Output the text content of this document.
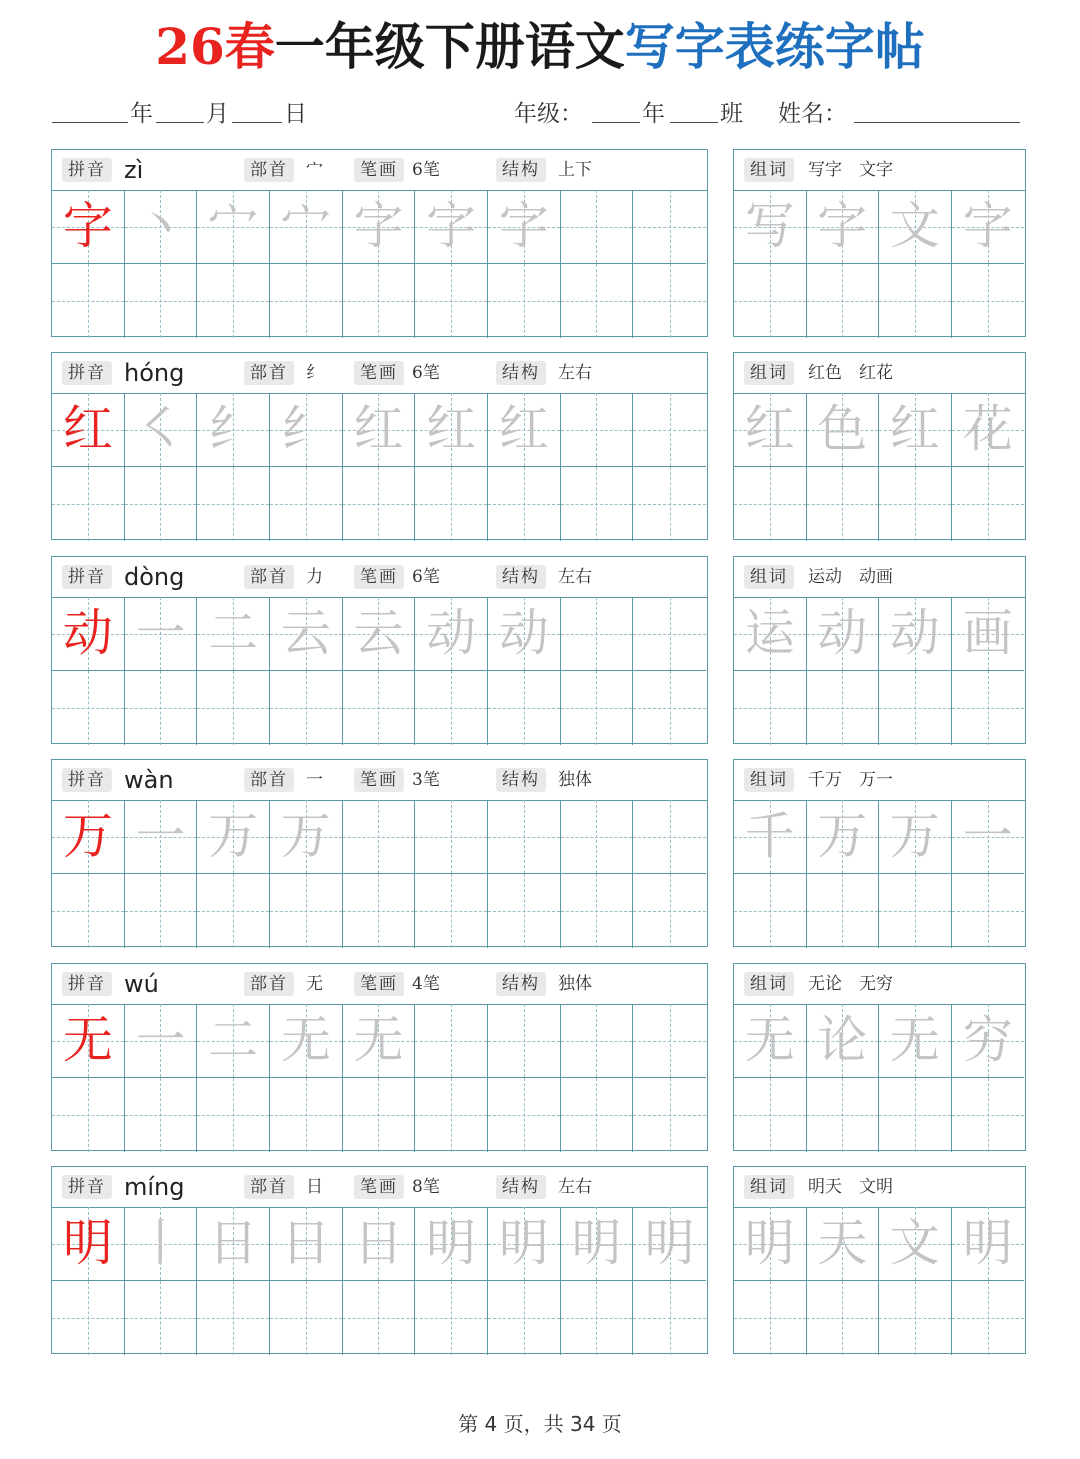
26春一年级下册语文写字表练字帖
年 月 日	年级：	年 班 姓名：
拼音 zì	部首	宀	笔画 6笔	结构	上下
字 丶 宀 宀 字 字 字
组词	写字　文字
写 字 文 字
拼音 hóng	部首	纟	笔画 6笔	结构	左右
红 ㇛ 纟 纟 红 红 红
组词	红色　红花
红 色 红 花
拼音 dòng	部首	力	笔画 6笔	结构	左右
动 一 二 云 云 动 动
组词	运动　动画
运 动 动 画
拼音 wàn	部首	一	笔画 3笔	结构	独体
万 一 万 万
组词	千万　万一
千 万 万 一
拼音 wú	部首	无	笔画 4笔	结构	独体
无 一 二 无 无
组词	无论　无穷
无 论 无 穷
拼音 míng	部首	日	笔画 8笔	结构	左右
明 丨 日 日 日 明 明 明 明
组词	明天　文明
明 天 文 明
第 4 页，共 34 页
